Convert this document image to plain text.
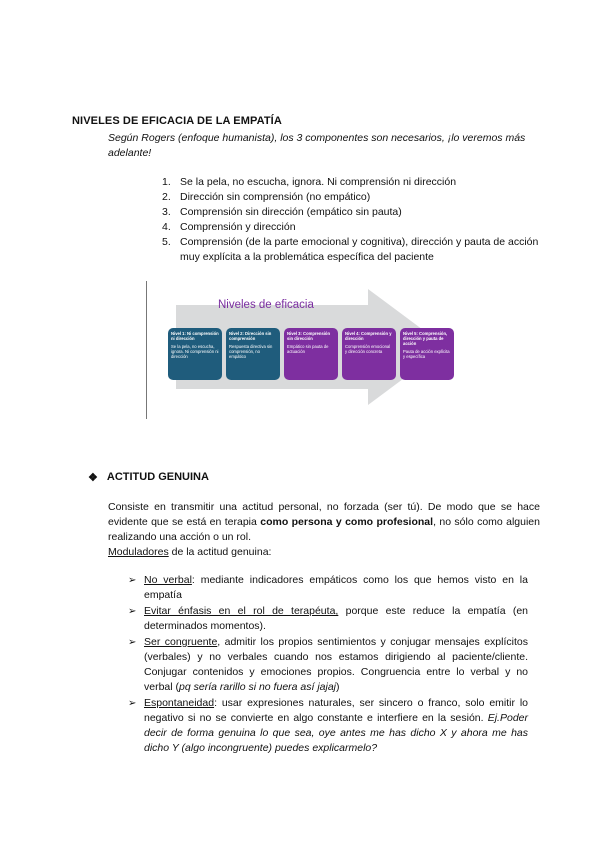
NIVELES DE EFICACIA DE LA EMPATÍA
Según Rogers (enfoque humanista), los 3 componentes son necesarios, ¡lo veremos más adelante!
1. Se la pela, no escucha, ignora. Ni comprensión ni dirección
2. Dirección sin comprensión (no empático)
3. Comprensión sin dirección (empático sin pauta)
4. Comprensión y dirección
5. Comprensión (de la parte emocional y cognitiva), dirección y pauta de acción muy explícita a la problemática específica del paciente
Niveles de eficacia
Nivel 1: Ni comprensión ni dirección
Se la pela, no escucha, ignora. Ni comprensión ni dirección
Nivel 2: Dirección sin comprensión
Respuesta directiva sin comprensión, no empático
Nivel 3: Comprensión sin dirección
Empático sin pauta de actuación
Nivel 4: Comprensión y dirección
Comprensión emocional y dirección concreta
Nivel 5: Comprensión, dirección y pauta de acción
Pauta de acción explícita y específica
❖ ACTITUD GENUINA
Consiste en transmitir una actitud personal, no forzada (ser tú). De modo que se hace evidente que se está en terapia como persona y como profesional, no sólo como alguien realizando una acción o un rol.
Moduladores de la actitud genuina:
➢ No verbal: mediante indicadores empáticos como los que hemos visto en la empatía
➢ Evitar énfasis en el rol de terapéuta, porque este reduce la empatía (en determinados momentos).
➢ Ser congruente, admitir los propios sentimientos y conjugar mensajes explícitos (verbales) y no verbales cuando nos estamos dirigiendo al paciente/cliente. Conjugar contenidos y emociones propios. Congruencia entre lo verbal y no verbal (pq sería rarillo si no fuera así jajaj)
➢ Espontaneidad: usar expresiones naturales, ser sincero o franco, solo emitir lo negativo si no se convierte en algo constante e interfiere en la sesión. Ej.Poder decir de forma genuina lo que sea, oye antes me has dicho X y ahora me has dicho Y (algo incongruente) puedes explicarmelo?
